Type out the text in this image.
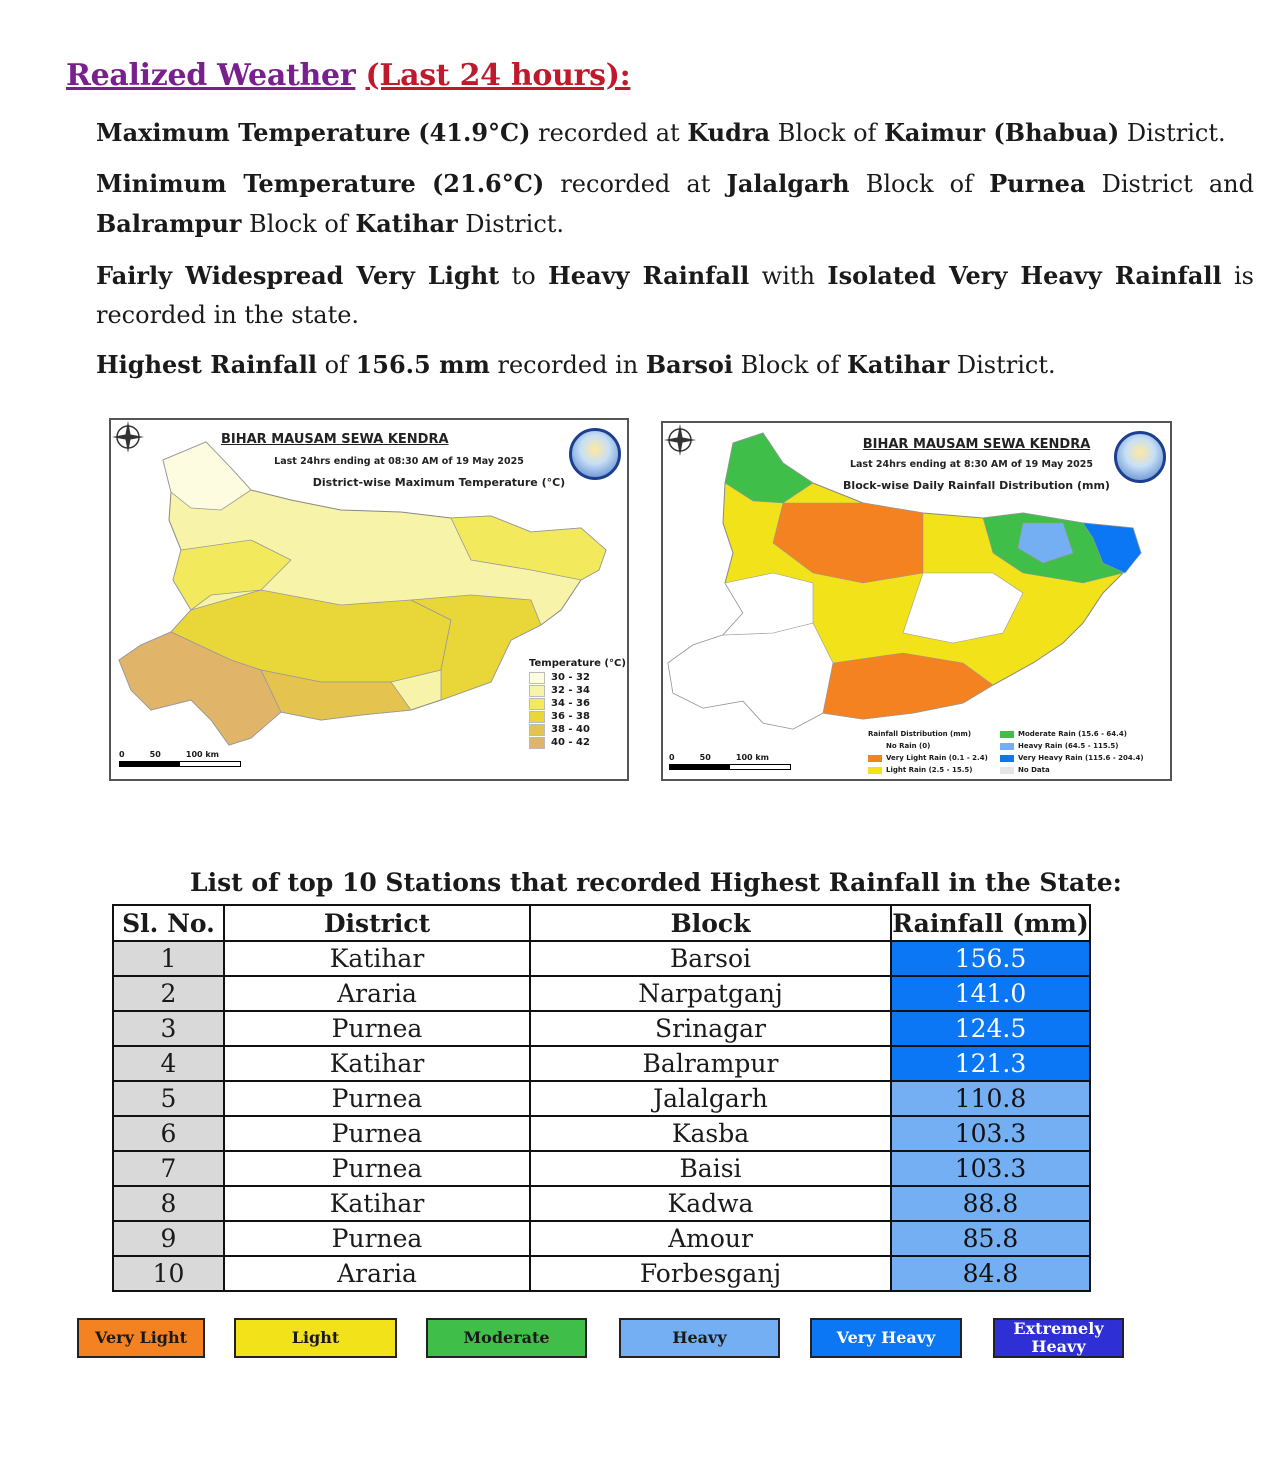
Realized Weather (Last 24 hours):

Maximum Temperature (41.9°C) recorded at Kudra Block of Kaimur (Bhabua) District.

Minimum Temperature (21.6°C) recorded at Jalalgarh Block of Purnea District and Balrampur Block of Katihar District.

Fairly Widespread Very Light to Heavy Rainfall with Isolated Very Heavy Rainfall is recorded in the state.

Highest Rainfall of 156.5 mm recorded in Barsoi Block of Katihar District.

BIHAR MAUSAM SEWA KENDRA
Last 24hrs ending at 08:30 AM of 19 May 2025
District-wise Maximum Temperature (°C)
Temperature (°C)
30 - 32
32 - 34
34 - 36
36 - 38
38 - 40
40 - 42
0	50	100 km
BIHAR MAUSAM SEWA KENDRA
Last 24hrs ending at 8:30 AM of 19 May 2025
Block-wise Daily Rainfall Distribution (mm)
Rainfall Distribution (mm)
No Rain (0)
Very Light Rain (0.1 - 2.4)
Light Rain (2.5 - 15.5)
Moderate Rain (15.6 - 64.4)
Heavy Rain (64.5 - 115.5)
Very Heavy Rain (115.6 - 204.4)
No Data
0	50	100 km

List of top 10 Stations that recorded Highest Rainfall in the State:

Sl. No.	District	Block	Rainfall (mm)
1	Katihar	Barsoi	156.5
2	Araria	Narpatganj	141.0
3	Purnea	Srinagar	124.5
4	Katihar	Balrampur	121.3
5	Purnea	Jalalgarh	110.8
6	Purnea	Kasba	103.3
7	Purnea	Baisi	103.3
8	Katihar	Kadwa	88.8
9	Purnea	Amour	85.8
10	Araria	Forbesganj	84.8
Very Light	Light	Moderate	Heavy	Very Heavy	Extremely Heavy
